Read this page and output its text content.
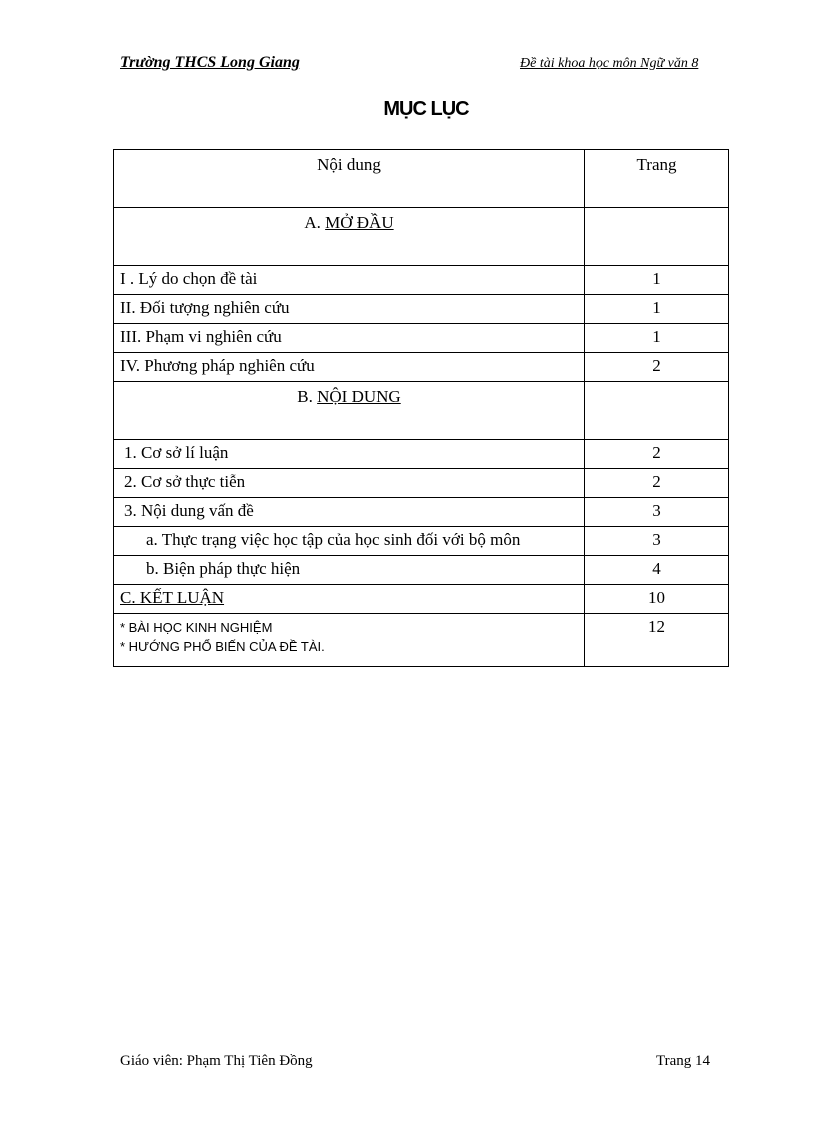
Trường THCS Long Giang	Đề tài khoa học môn Ngữ văn 8
MỤC LỤC
Nội dung	Trang
A. MỞ ĐẦU	
I . Lý do chọn đề tài	1
II. Đối tượng nghiên cứu	1
III. Phạm vi nghiên cứu	1
IV. Phương pháp nghiên cứu	2
B. NỘI DUNG	
1. Cơ sở lí luận	2
2. Cơ sở thực tiễn	2
3. Nội dung vấn đề	3
a. Thực trạng việc học tập của học sinh đối với bộ môn	3
b. Biện pháp thực hiện	4
C. KẾT LUẬN	10

* BÀI HỌC KINH NGHIỆM
* HƯỚNG PHỔ BIẾN CỦA ĐỀ TÀI.	12
Giáo viên: Phạm Thị Tiên Đồng	Trang 14
